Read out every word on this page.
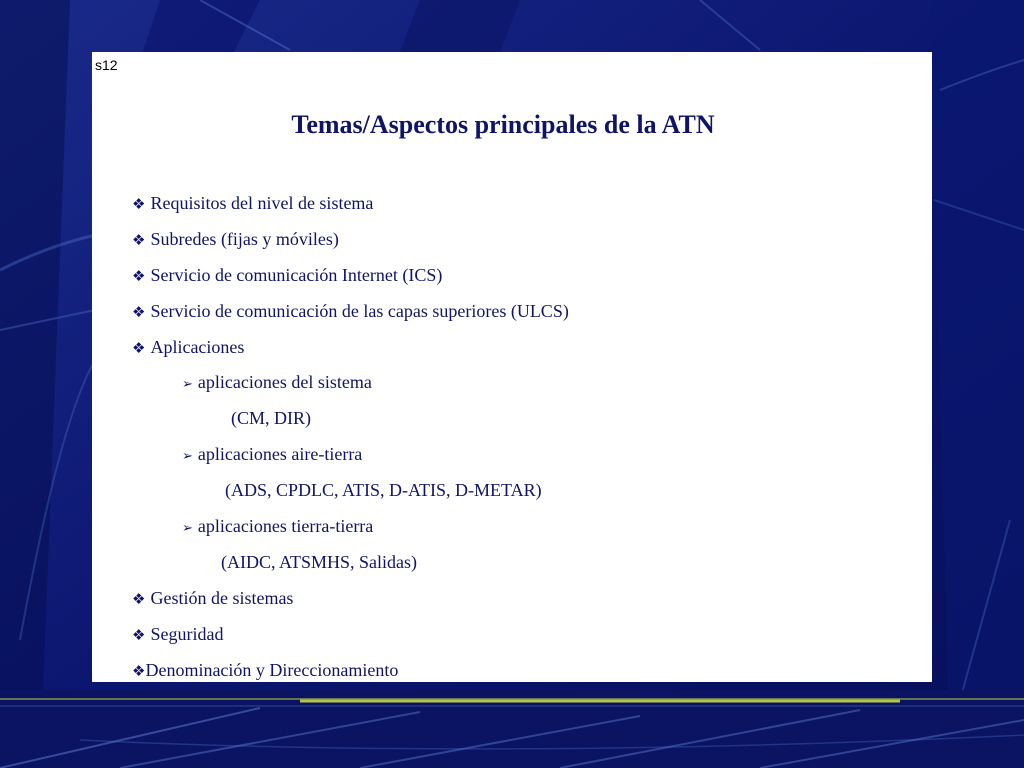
s12
Temas/Aspectos principales de la ATN
❖ Requisitos del nivel de sistema
❖ Subredes (fijas y móviles)
❖ Servicio de comunicación Internet (ICS)
❖ Servicio de comunicación de las capas superiores (ULCS)
❖ Aplicaciones
➢ aplicaciones del sistema
(CM, DIR)
➢ aplicaciones aire-tierra
(ADS, CPDLC, ATIS, D-ATIS, D-METAR)
➢ aplicaciones tierra-tierra
(AIDC, ATSMHS, Salidas)
❖ Gestión de sistemas
❖ Seguridad
❖Denominación y Direccionamiento
